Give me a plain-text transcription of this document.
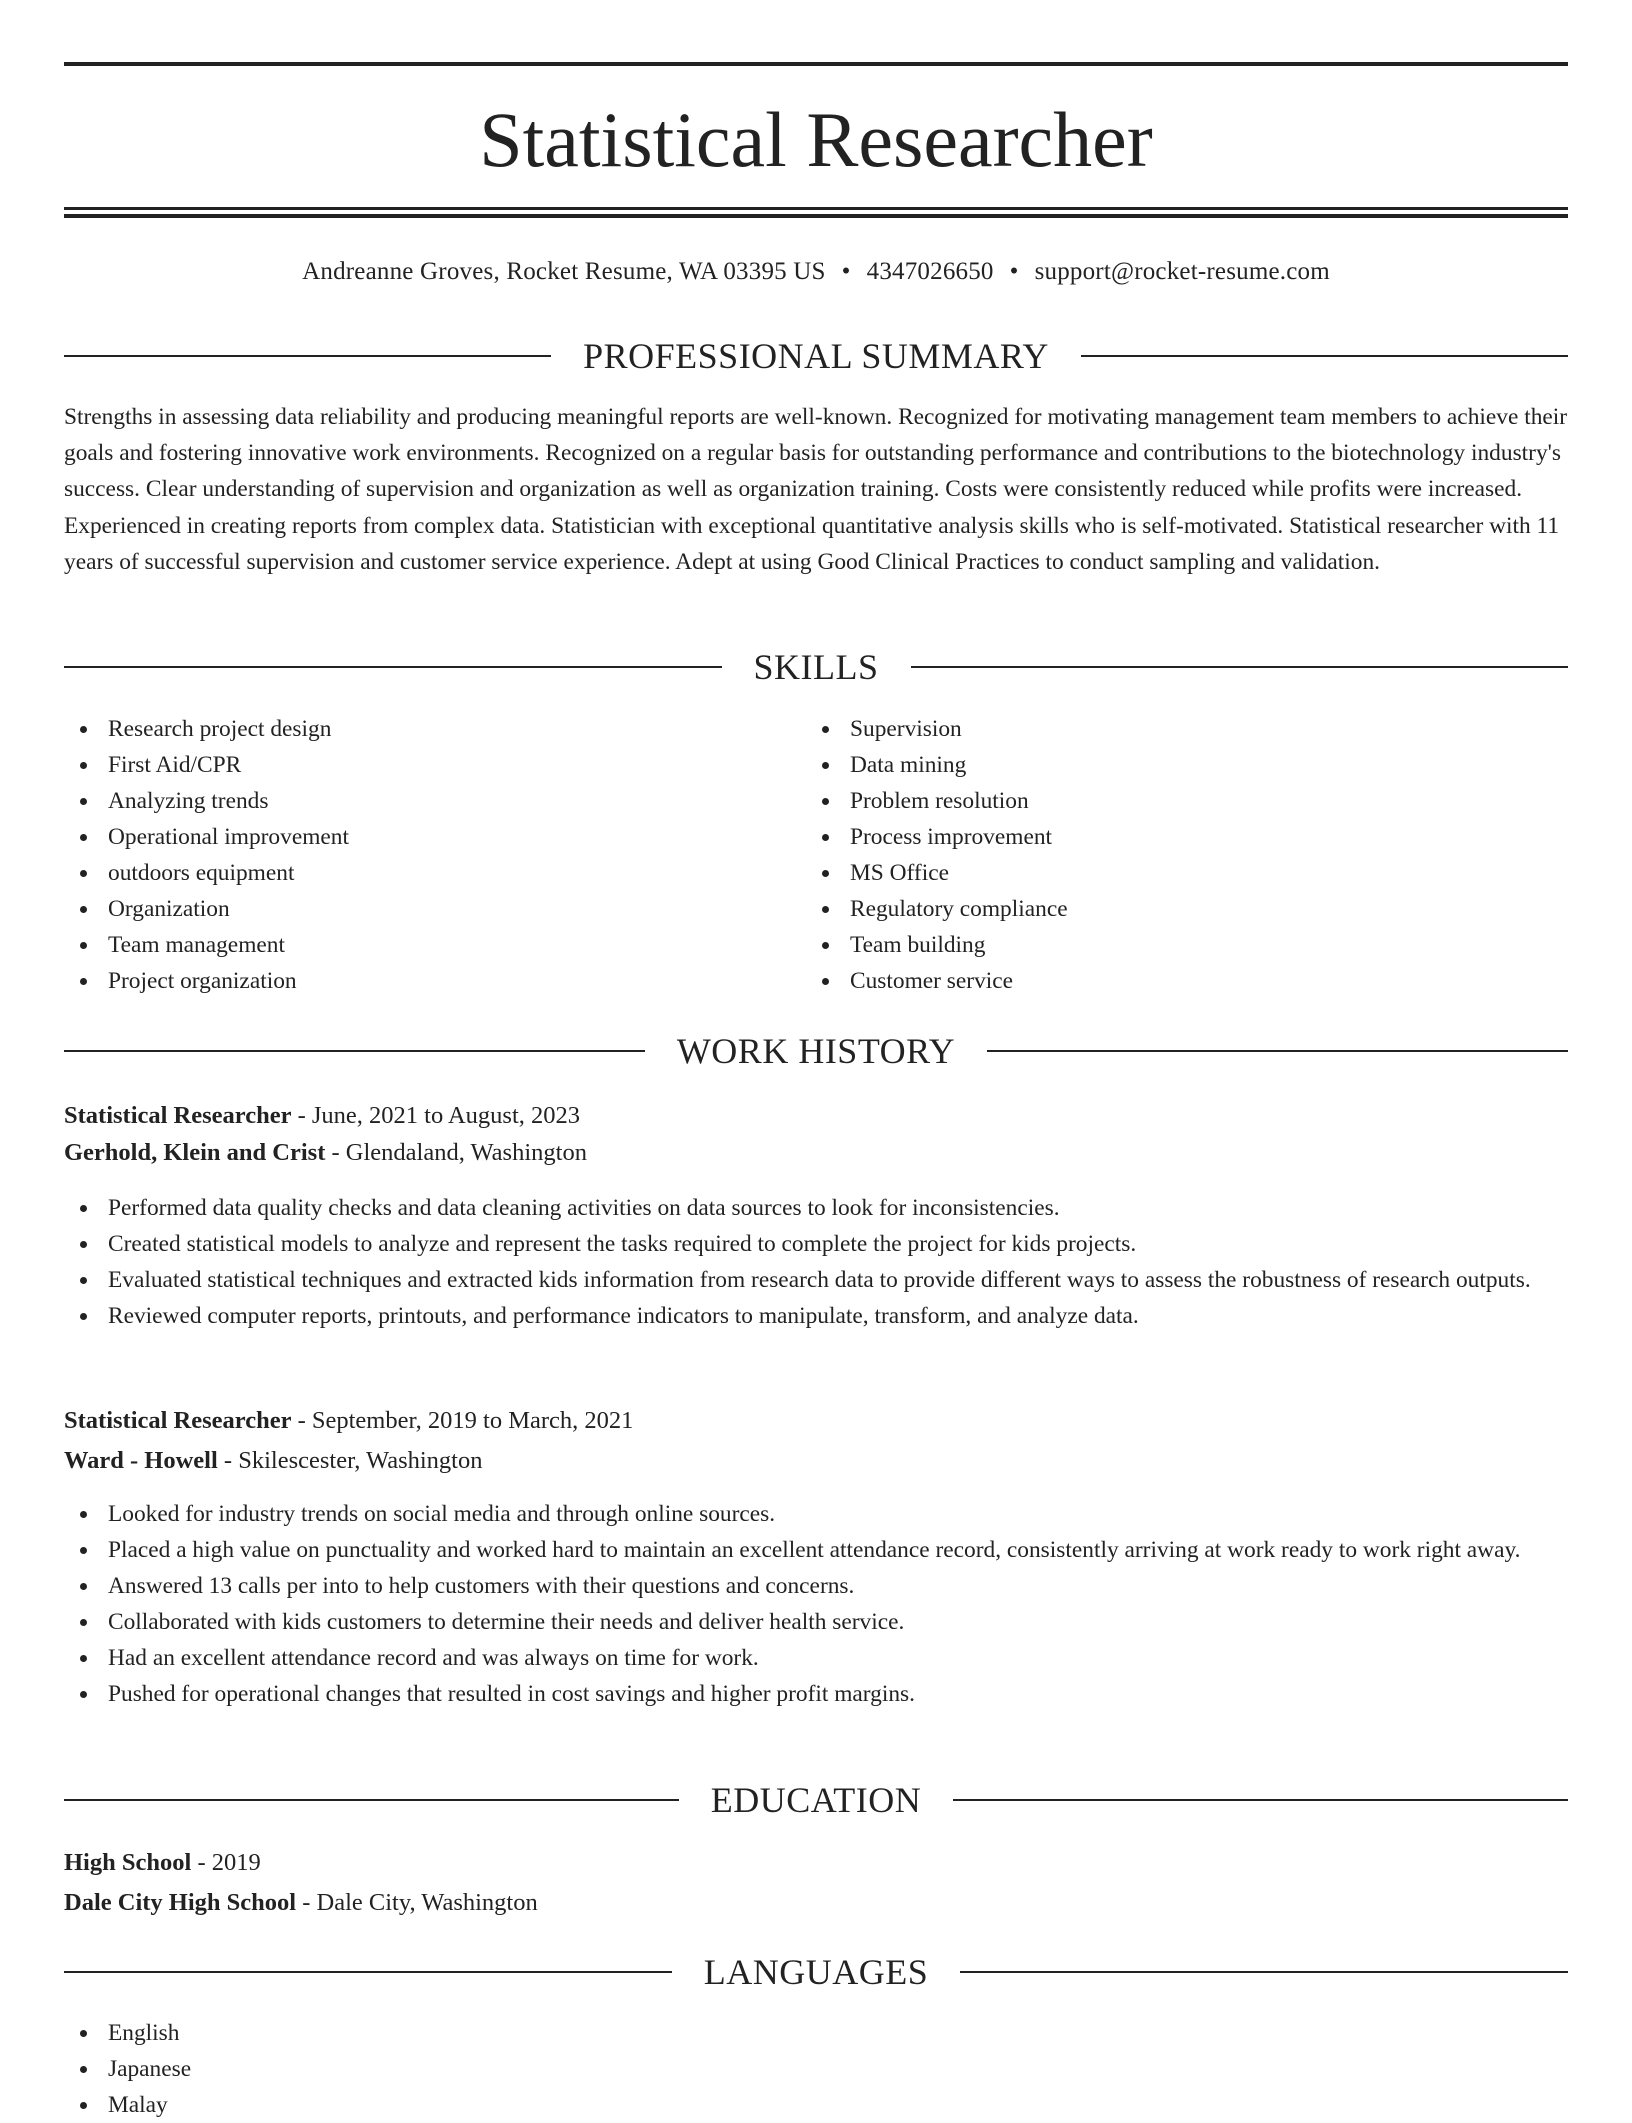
Statistical Researcher
Andreanne Groves, Rocket Resume, WA 03395 US • 4347026650 • support@rocket-resume.com
PROFESSIONAL SUMMARY

Strengths in assessing data reliability and producing meaningful reports are well-known. Recognized for motivating management team members to achieve their goals and fostering innovative work environments. Recognized on a regular basis for outstanding performance and contributions to the biotechnology industry's success. Clear understanding of supervision and organization as well as organization training. Costs were consistently reduced while profits were increased. Experienced in creating reports from complex data. Statistician with exceptional quantitative analysis skills who is self-motivated. Statistical researcher with 11 years of successful supervision and customer service experience. Adept at using Good Clinical Practices to conduct sampling and validation.

SKILLS
Research project design
First Aid/CPR
Analyzing trends
Operational improvement
outdoors equipment
Organization
Team management
Project organization
Supervision
Data mining
Problem resolution
Process improvement
MS Office
Regulatory compliance
Team building
Customer service
WORK HISTORY

Statistical Researcher - June, 2021 to August, 2023

Gerhold, Klein and Crist - Glendaland, Washington

Performed data quality checks and data cleaning activities on data sources to look for inconsistencies.
Created statistical models to analyze and represent the tasks required to complete the project for kids projects.
Evaluated statistical techniques and extracted kids information from research data to provide different ways to assess the robustness of research outputs.
Reviewed computer reports, printouts, and performance indicators to manipulate, transform, and analyze data.

Statistical Researcher - September, 2019 to March, 2021

Ward - Howell - Skilescester, Washington

Looked for industry trends on social media and through online sources.
Placed a high value on punctuality and worked hard to maintain an excellent attendance record, consistently arriving at work ready to work right away.
Answered 13 calls per into to help customers with their questions and concerns.
Collaborated with kids customers to determine their needs and deliver health service.
Had an excellent attendance record and was always on time for work.
Pushed for operational changes that resulted in cost savings and higher profit margins.
EDUCATION

High School - 2019

Dale City High School - Dale City, Washington

LANGUAGES
English
Japanese
Malay
